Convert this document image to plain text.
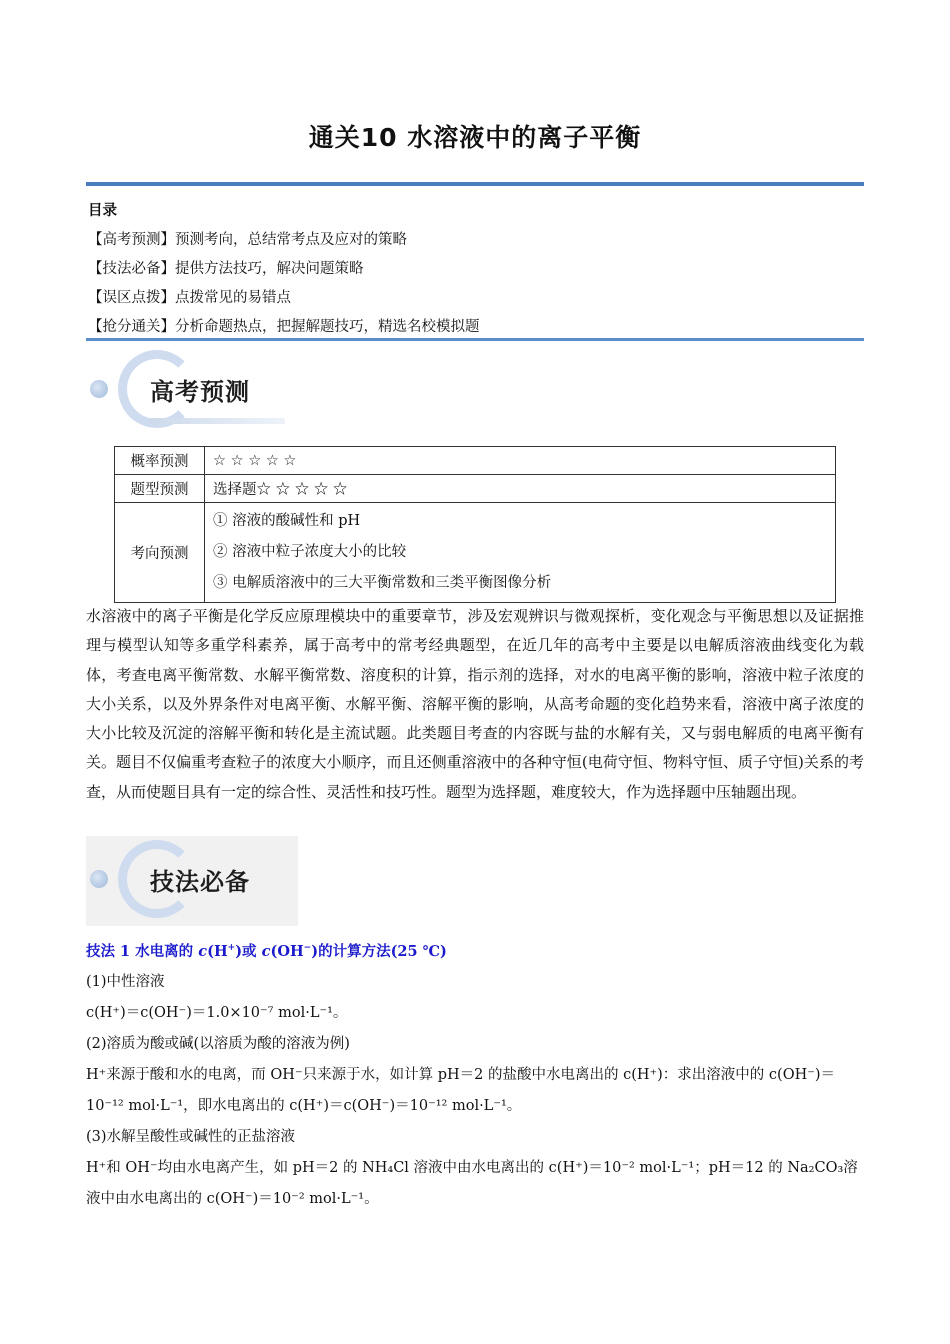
通关10 水溶液中的离子平衡
目录
【高考预测】预测考向，总结常考点及应对的策略
【技法必备】提供方法技巧，解决问题策略
【误区点拨】点拨常见的易错点
【抢分通关】分析命题热点，把握解题技巧，精选名校模拟题
高考预测
概率预测	☆ ☆ ☆ ☆ ☆
题型预测	选择题☆ ☆ ☆ ☆ ☆
考向预测	① 溶液的酸碱性和 pH
② 溶液中粒子浓度大小的比较
③ 电解质溶液中的三大平衡常数和三类平衡图像分析
水溶液中的离子平衡是化学反应原理模块中的重要章节，涉及宏观辨识与微观探析，变化观念与平衡思想以及证据推理与模型认知等多重学科素养，属于高考中的常考经典题型，在近几年的高考中主要是以电解质溶液曲线变化为载体，考查电离平衡常数、水解平衡常数、溶度积的计算，指示剂的选择，对水的电离平衡的影响，溶液中粒子浓度的大小关系，以及外界条件对电离平衡、水解平衡、溶解平衡的影响，从高考命题的变化趋势来看，溶液中离子浓度的大小比较及沉淀的溶解平衡和转化是主流试题。此类题目考查的内容既与盐的水解有关，又与弱电解质的电离平衡有关。题目不仅偏重考查粒子的浓度大小顺序，而且还侧重溶液中的各种守恒(电荷守恒、物料守恒、质子守恒)关系的考查，从而使题目具有一定的综合性、灵活性和技巧性。题型为选择题，难度较大，作为选择题中压轴题出现。
技法必备
技法 1 水电离的 c(H+)或 c(OH−)的计算方法(25 ℃)
(1)中性溶液
c(H⁺)＝c(OH⁻)＝1.0×10⁻⁷ mol·L⁻¹。
(2)溶质为酸或碱(以溶质为酸的溶液为例)
H⁺来源于酸和水的电离，而 OH⁻只来源于水，如计算 pH＝2 的盐酸中水电离出的 c(H⁺)：求出溶液中的 c(OH⁻)＝10⁻¹² mol·L⁻¹，即水电离出的 c(H⁺)＝c(OH⁻)＝10⁻¹² mol·L⁻¹。
(3)水解呈酸性或碱性的正盐溶液
H⁺和 OH⁻均由水电离产生，如 pH＝2 的 NH₄Cl 溶液中由水电离出的 c(H⁺)＝10⁻² mol·L⁻¹；pH＝12 的 Na₂CO₃溶液中由水电离出的 c(OH⁻)＝10⁻² mol·L⁻¹。
